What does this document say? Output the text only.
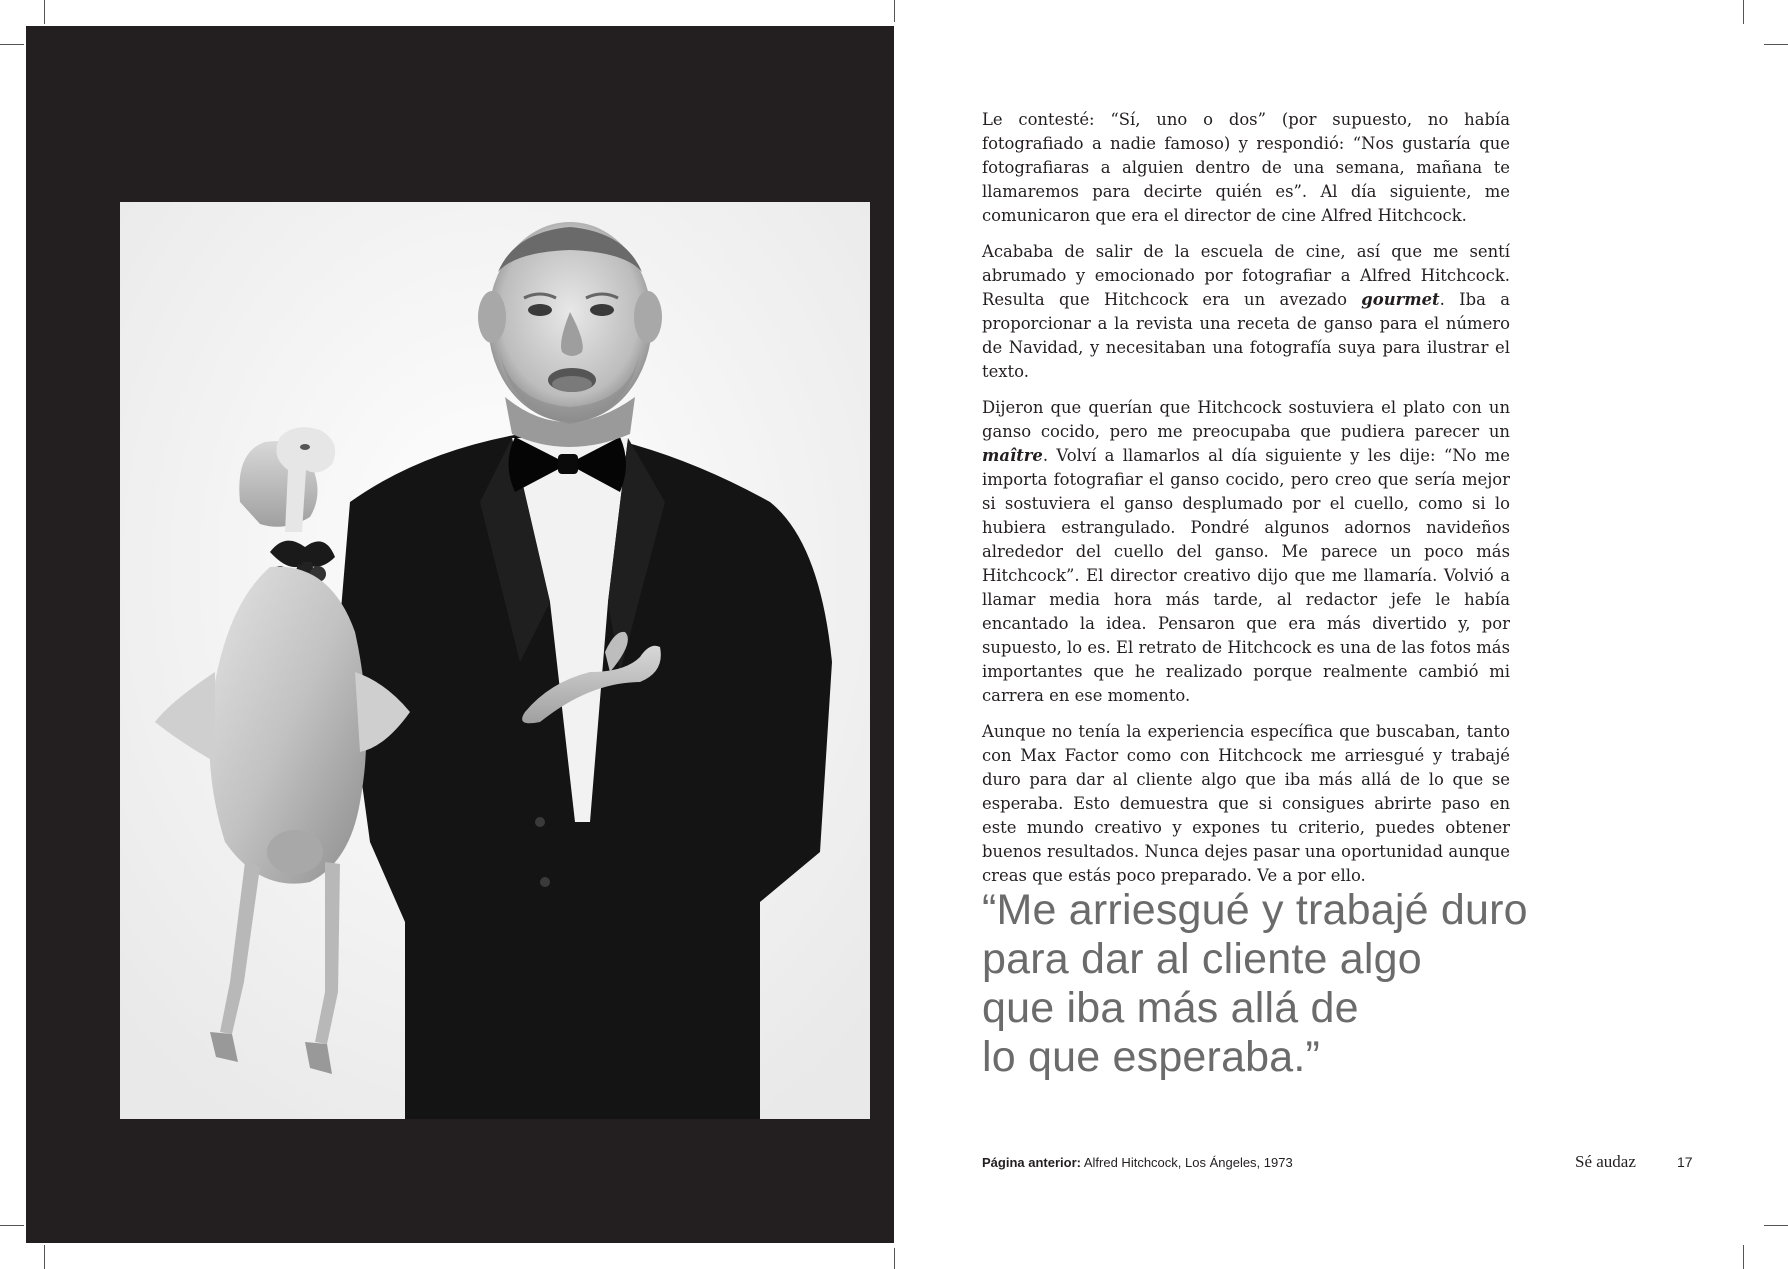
Le contesté: “Sí, uno o dos” (por supuesto, no había fotografiado a nadie famoso) y respondió: “Nos gustaría que fotografiaras a alguien dentro de una semana, mañana te llamaremos para decirte quién es”. Al día siguiente, me comunicaron que era el director de cine Alfred Hitchcock.

Acababa de salir de la escuela de cine, así que me sentí abrumado y emocionado por fotografiar a Alfred Hitchcock. Resulta que Hitchcock era un avezado gourmet. Iba a proporcionar a la revista una receta de ganso para el número de Navidad, y necesitaban una fotografía suya para ilustrar el texto.

Dijeron que querían que Hitchcock sostuviera el plato con un ganso cocido, pero me preocupaba que pudiera parecer un maître. Volví a llamarlos al día siguiente y les dije: “No me importa fotografiar el ganso cocido, pero creo que sería mejor si sostuviera el ganso desplumado por el cuello, como si lo hubiera estrangulado. Pondré algunos adornos navideños alrededor del cuello del ganso. Me parece un poco más Hitchcock”. El director creativo dijo que me llamaría. Volvió a llamar media hora más tarde, al redactor jefe le había encantado la idea. Pensaron que era más divertido y, por supuesto, lo es. El retrato de Hitchcock es una de las fotos más importantes que he realizado porque realmente cambió mi carrera en ese momento.

Aunque no tenía la experiencia específica que buscaban, tanto con Max Factor como con Hitchcock me arriesgué y trabajé duro para dar al cliente algo que iba más allá de lo que se esperaba. Esto demuestra que si consigues abrirte paso en este mundo creativo y expones tu criterio, puedes obtener buenos resultados. Nunca dejes pasar una oportunidad aunque creas que estás poco preparado. Ve a por ello.

“Me arriesgué y trabajé duro
para dar al cliente algo
que iba más allá de
lo que esperaba.”
Página anterior: Alfred Hitchcock, Los Ángeles, 1973	Sé audaz	17
